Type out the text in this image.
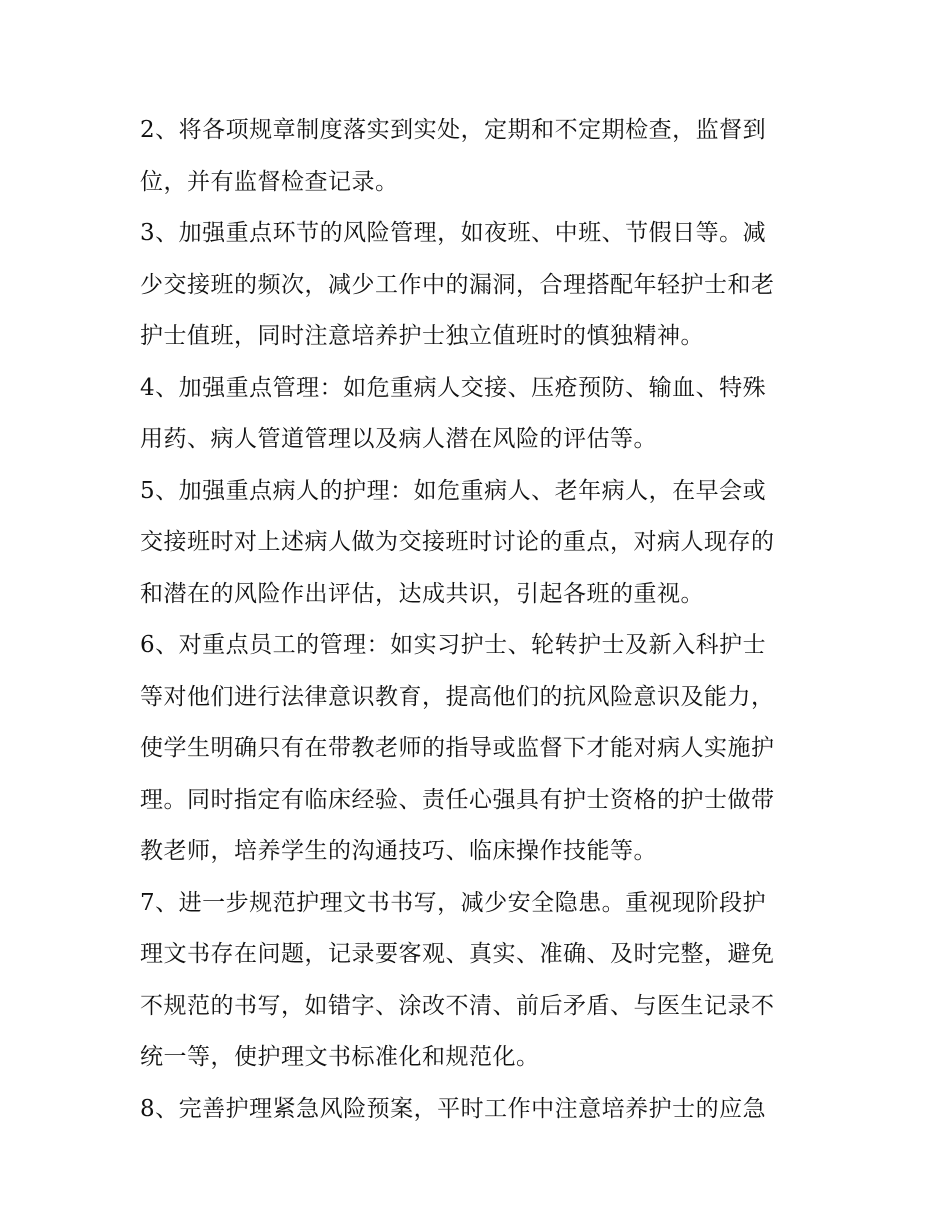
2、将各项规章制度落实到实处，定期和不定期检查，监督到
位，并有监督检查记录。

3、加强重点环节的风险管理，如夜班、中班、节假日等。减
少交接班的频次，减少工作中的漏洞，合理搭配年轻护士和老
护士值班，同时注意培养护士独立值班时的慎独精神。

4、加强重点管理：如危重病人交接、压疮预防、输血、特殊
用药、病人管道管理以及病人潜在风险的评估等。

5、加强重点病人的护理：如危重病人、老年病人，在早会或
交接班时对上述病人做为交接班时讨论的重点，对病人现存的
和潜在的风险作出评估，达成共识，引起各班的重视。

6、对重点员工的管理：如实习护士、轮转护士及新入科护士
等对他们进行法律意识教育，提高他们的抗风险意识及能力，
使学生明确只有在带教老师的指导或监督下才能对病人实施护
理。同时指定有临床经验、责任心强具有护士资格的护士做带
教老师，培养学生的沟通技巧、临床操作技能等。

7、进一步规范护理文书书写，减少安全隐患。重视现阶段护
理文书存在问题，记录要客观、真实、准确、及时完整，避免
不规范的书写，如错字、涂改不清、前后矛盾、与医生记录不
统一等，使护理文书标准化和规范化。

8、完善护理紧急风险预案，平时工作中注意培养护士的应急
